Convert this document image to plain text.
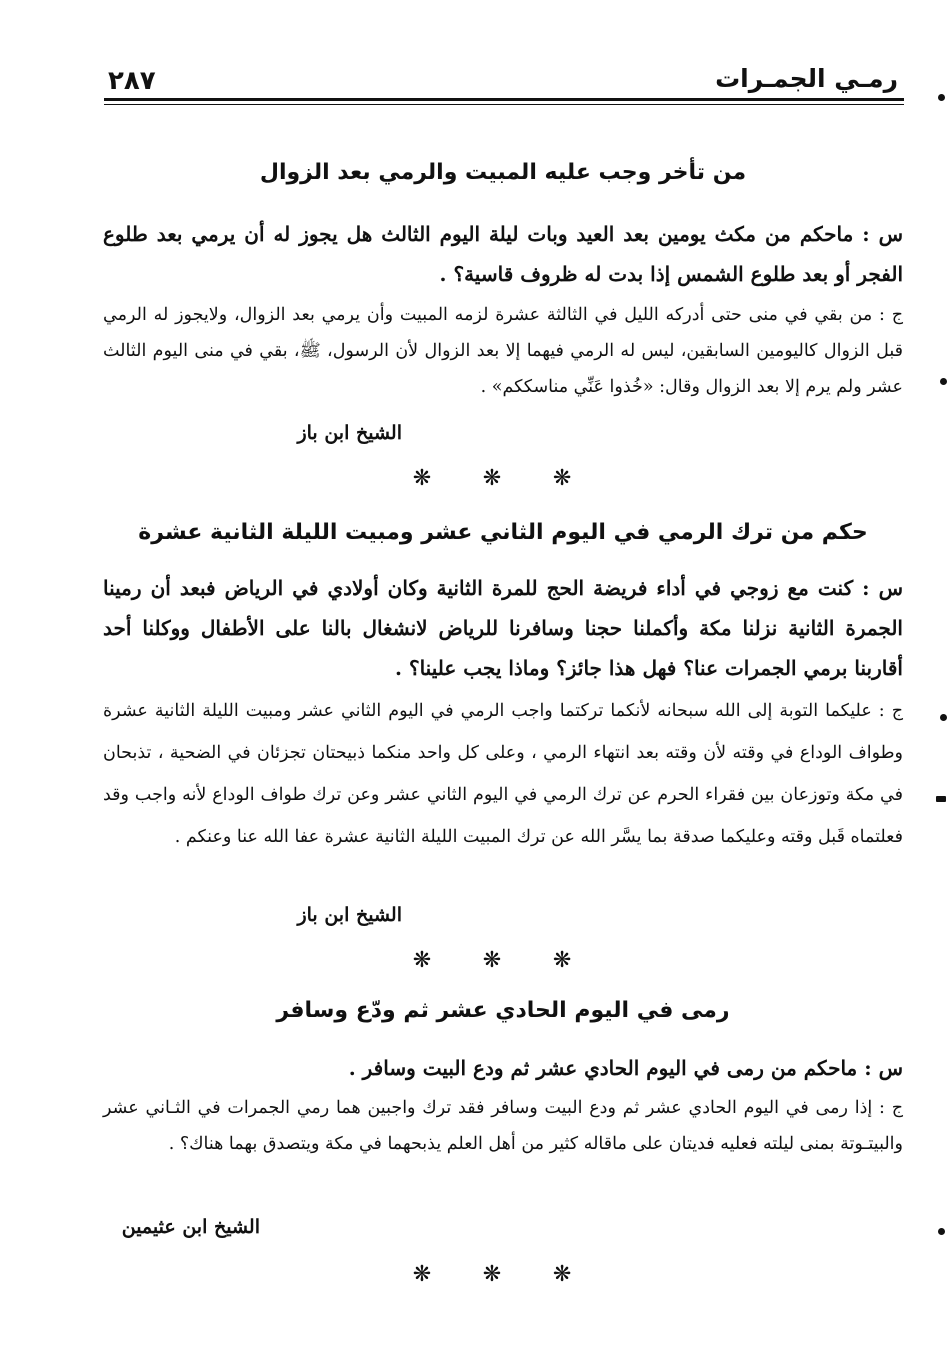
رمـي الجمـرات
٢٨٧
من تأخر وجب عليه المبيت والرمي بعد الزوال
س : ماحكم من مكث يومين بعد العيد وبات ليلة اليوم الثالث هل يجوز له أن يرمي بعد طلوع الفجر أو بعد طلوع الشمس إذا بدت له ظروف قاسية؟ .
ج : من بقي في منى حتى أدركه الليل في الثالثة عشرة لزمه المبيت وأن يرمي بعد الزوال، ولايجوز له الرمي قبل الزوال كاليومين السابقين، ليس له الرمي فيهما إلا بعد الزوال لأن الرسول، ﷺ، بقي في منى اليوم الثالث عشر ولم يرم إلا بعد الزوال وقال: «خُذوا عَنِّي مناسككم» .
الشيخ ابن باز
❋ ❋ ❋
حكم من ترك الرمي في اليوم الثاني عشر ومبيت الليلة الثانية عشرة
س : كنت مع زوجي في أداء فريضة الحج للمرة الثانية وكان أولادي في الرياض فبعد أن رمينا الجمرة الثانية نزلنا مكة وأكملنا حجنا وسافرنا للرياض لانشغال بالنا على الأطفال ووكلنا أحد أقاربنا برمي الجمرات عنا؟ فهل هذا جائز؟ وماذا يجب علينا؟ .
ج : عليكما التوبة إلى الله سبحانه لأنكما تركتما واجب الرمي في اليوم الثاني عشر ومبيت الليلة الثانية عشرة وطواف الوداع في وقته لأن وقته بعد انتهاء الرمي ، وعلى كل واحد منكما ذبيحتان تجزئان في الضحية ، تذبحان في مكة وتوزعان بين فقراء الحرم عن ترك الرمي في اليوم الثاني عشر وعن ترك طواف الوداع لأنه واجب وقد فعلتماه قَبل وقته وعليكما صدقة بما يسَّر الله عن ترك المبيت الليلة الثانية عشرة عفا الله عنا وعنكم .
الشيخ ابن باز
❋ ❋ ❋
رمى في اليوم الحادي عشر ثم ودّع وسافر
س : ماحكم من رمى في اليوم الحادي عشر ثم ودع البيت وسافر .
ج : إذا رمى في اليوم الحادي عشر ثم ودع البيت وسافر فقد ترك واجبين هما رمي الجمرات في الثـاني عشر والبيتـوتة بمنى ليلته فعليه فديتان على ماقاله كثير من أهل العلم يذبحهما في مكة ويتصدق بهما هناك؟ .
الشيخ ابن عثيمين
❋ ❋ ❋
